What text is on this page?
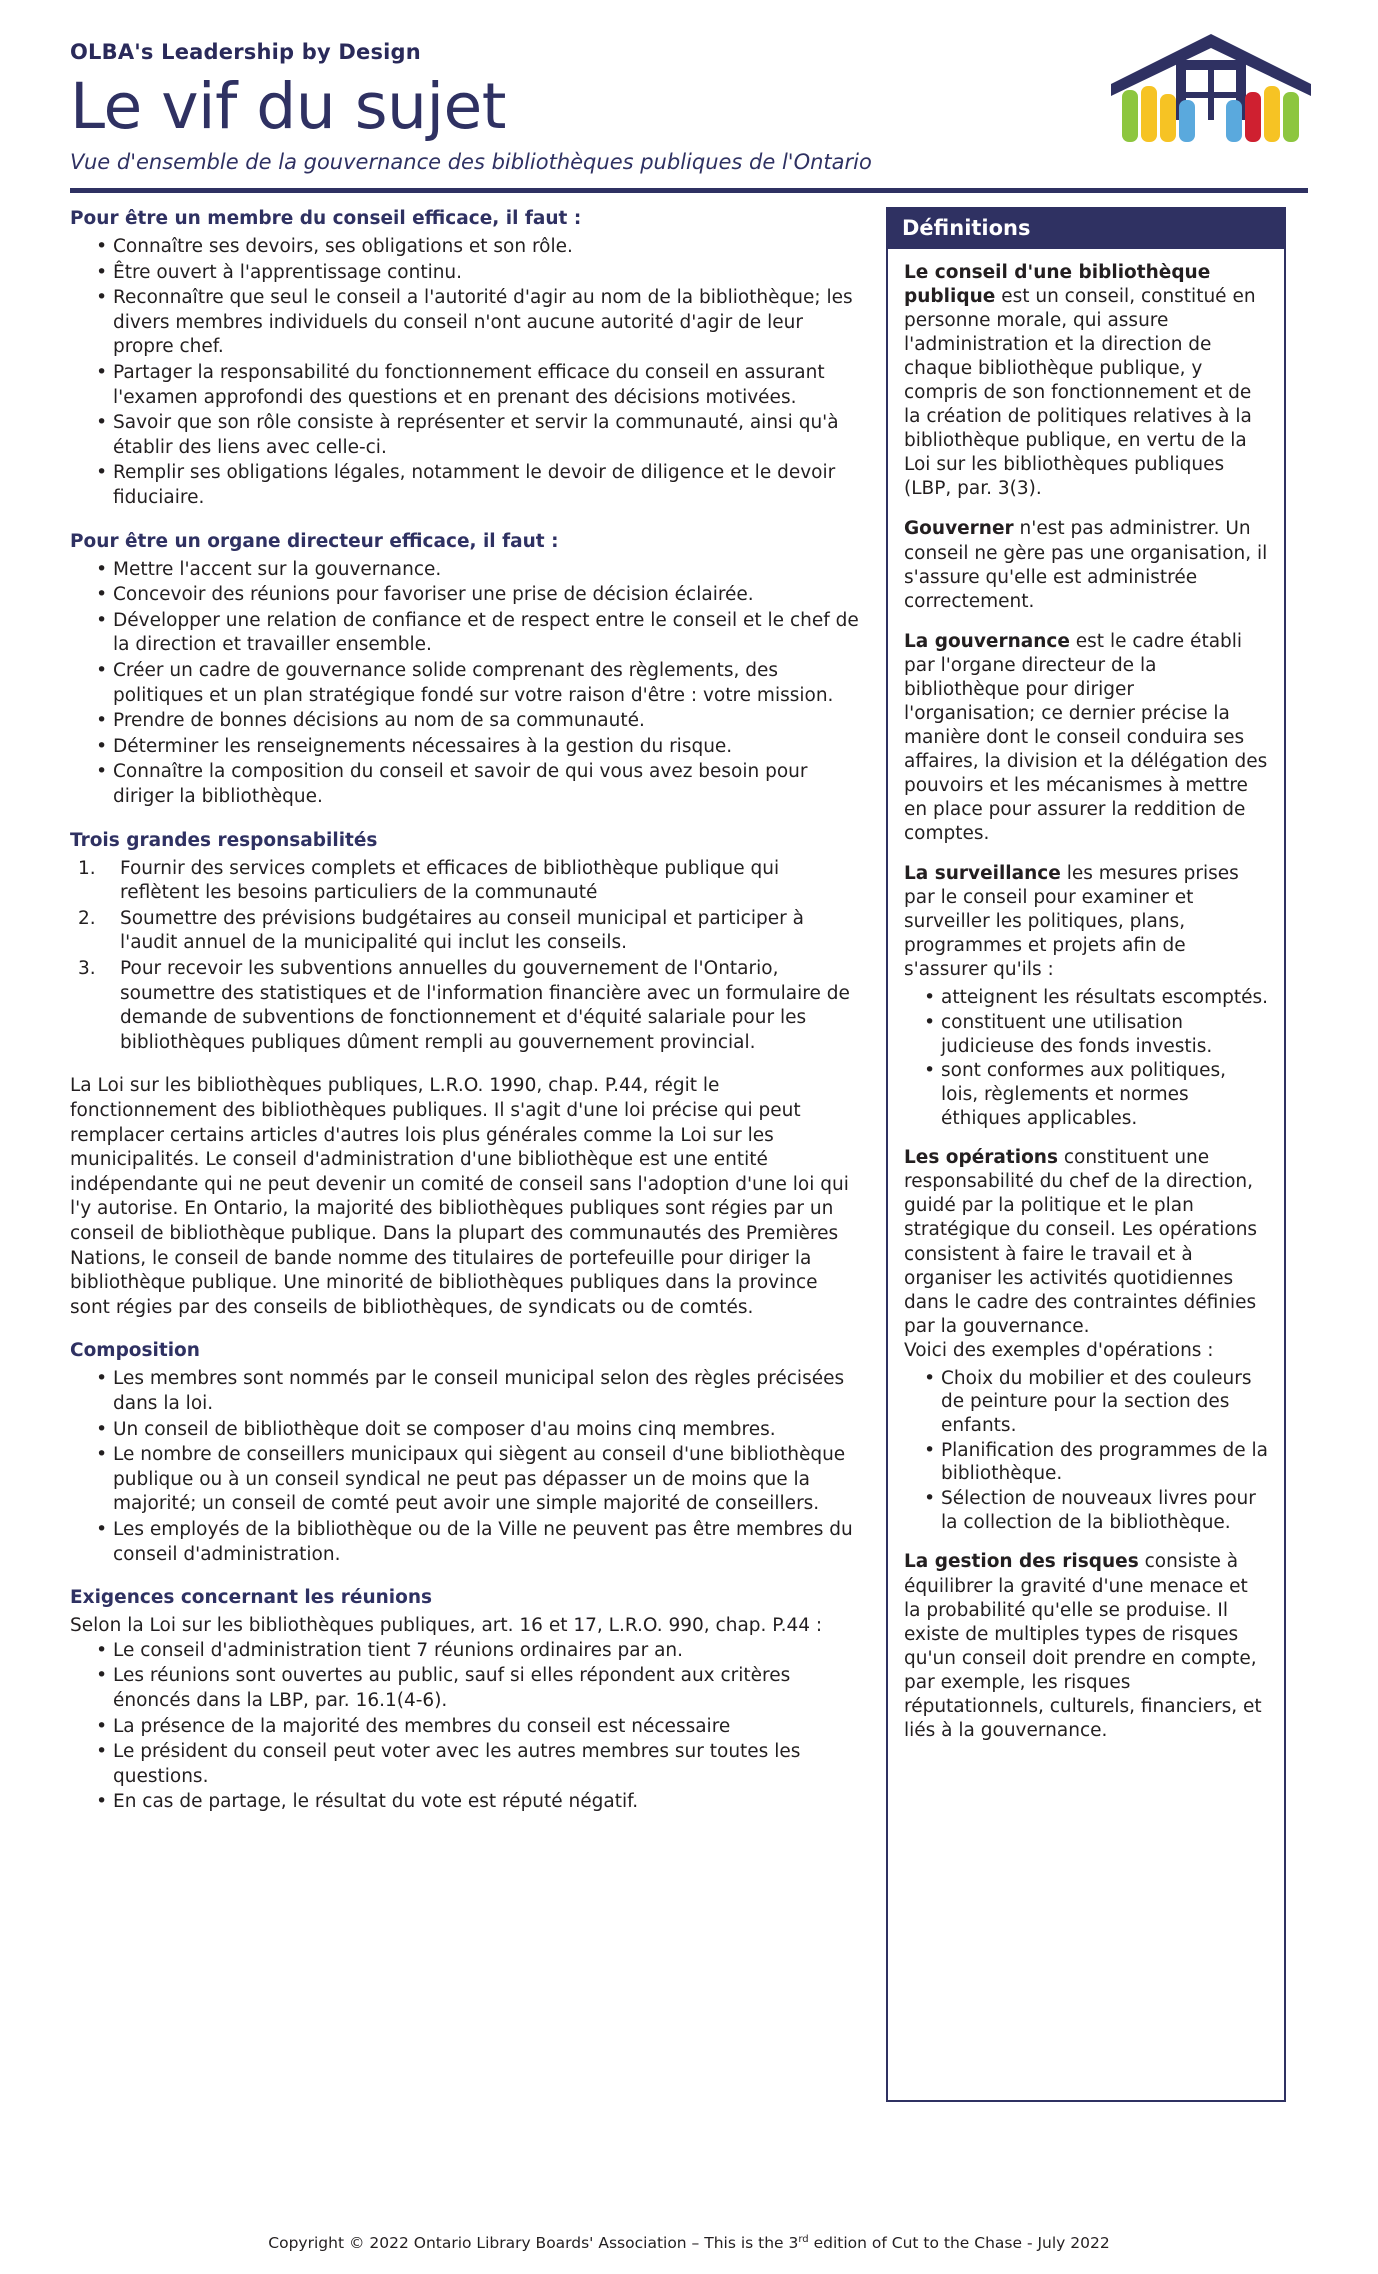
OLBA's Leadership by Design
Le vif du sujet
Vue d'ensemble de la gouvernance des bibliothèques publiques de l'Ontario
Pour être un membre du conseil efficace, il faut :
• Connaître ses devoirs, ses obligations et son rôle.
• Être ouvert à l'apprentissage continu.
• Reconnaître que seul le conseil a l'autorité d'agir au nom de la bibliothèque; les divers membres individuels du conseil n'ont aucune autorité d'agir de leur propre chef.
• Partager la responsabilité du fonctionnement efficace du conseil en assurant l'examen approfondi des questions et en prenant des décisions motivées.
• Savoir que son rôle consiste à représenter et servir la communauté, ainsi qu'à établir des liens avec celle-ci.
• Remplir ses obligations légales, notamment le devoir de diligence et le devoir fiduciaire.
Pour être un organe directeur efficace, il faut :
• Mettre l'accent sur la gouvernance.
• Concevoir des réunions pour favoriser une prise de décision éclairée.
• Développer une relation de confiance et de respect entre le conseil et le chef de la direction et travailler ensemble.
• Créer un cadre de gouvernance solide comprenant des règlements, des politiques et un plan stratégique fondé sur votre raison d'être : votre mission.
• Prendre de bonnes décisions au nom de sa communauté.
• Déterminer les renseignements nécessaires à la gestion du risque.
• Connaître la composition du conseil et savoir de qui vous avez besoin pour diriger la bibliothèque.
Trois grandes responsabilités
Fournir des services complets et efficaces de bibliothèque publique qui reflètent les besoins particuliers de la communauté
Soumettre des prévisions budgétaires au conseil municipal et participer à l'audit annuel de la municipalité qui inclut les conseils.
Pour recevoir les subventions annuelles du gouvernement de l'Ontario, soumettre des statistiques et de l'information financière avec un formulaire de demande de subventions de fonctionnement et d'équité salariale pour les bibliothèques publiques dûment rempli au gouvernement provincial.

La Loi sur les bibliothèques publiques, L.R.O. 1990, chap. P.44, régit le fonctionnement des bibliothèques publiques. Il s'agit d'une loi précise qui peut remplacer certains articles d'autres lois plus générales comme la Loi sur les municipalités. Le conseil d'administration d'une bibliothèque est une entité indépendante qui ne peut devenir un comité de conseil sans l'adoption d'une loi qui l'y autorise. En Ontario, la majorité des bibliothèques publiques sont régies par un conseil de bibliothèque publique. Dans la plupart des communautés des Premières Nations, le conseil de bande nomme des titulaires de portefeuille pour diriger la bibliothèque publique. Une minorité de bibliothèques publiques dans la province sont régies par des conseils de bibliothèques, de syndicats ou de comtés.

Composition
• Les membres sont nommés par le conseil municipal selon des règles précisées dans la loi.
• Un conseil de bibliothèque doit se composer d'au moins cinq membres.
• Le nombre de conseillers municipaux qui siègent au conseil d'une bibliothèque publique ou à un conseil syndical ne peut pas dépasser un de moins que la majorité; un conseil de comté peut avoir une simple majorité de conseillers.
• Les employés de la bibliothèque ou de la Ville ne peuvent pas être membres du conseil d'administration.
Exigences concernant les réunions

Selon la Loi sur les bibliothèques publiques, art. 16 et 17, L.R.O. 990, chap. P.44 :

• Le conseil d'administration tient 7 réunions ordinaires par an.
• Les réunions sont ouvertes au public, sauf si elles répondent aux critères énoncés dans la LBP, par. 16.1(4-6).
• La présence de la majorité des membres du conseil est nécessaire
• Le président du conseil peut voter avec les autres membres sur toutes les questions.
• En cas de partage, le résultat du vote est réputé négatif.
Définitions

Le conseil d'une bibliothèque publique est un conseil, constitué en personne morale, qui assure l'administration et la direction de chaque bibliothèque publique, y compris de son fonctionnement et de la création de politiques relatives à la bibliothèque publique, en vertu de la Loi sur les bibliothèques publiques (LBP, par. 3(3).

Gouverner n'est pas administrer. Un conseil ne gère pas une organisation, il s'assure qu'elle est administrée correctement.

La gouvernance est le cadre établi par l'organe directeur de la bibliothèque pour diriger l'organisation; ce dernier précise la manière dont le conseil conduira ses affaires, la division et la délégation des pouvoirs et les mécanismes à mettre en place pour assurer la reddition de comptes.

La surveillance les mesures prises par le conseil pour examiner et surveiller les politiques, plans, programmes et projets afin de s'assurer qu'ils :

• atteignent les résultats escomptés.
• constituent une utilisation judicieuse des fonds investis.
• sont conformes aux politiques, lois, règlements et normes éthiques applicables.

Les opérations constituent une responsabilité du chef de la direction, guidé par la politique et le plan stratégique du conseil. Les opérations consistent à faire le travail et à organiser les activités quotidiennes dans le cadre des contraintes définies par la gouvernance.

Voici des exemples d'opérations :

• Choix du mobilier et des couleurs de peinture pour la section des enfants.
• Planification des programmes de la bibliothèque.
• Sélection de nouveaux livres pour la collection de la bibliothèque.

La gestion des risques consiste à équilibrer la gravité d'une menace et la probabilité qu'elle se produise. Il existe de multiples types de risques qu'un conseil doit prendre en compte, par exemple, les risques réputationnels, culturels, financiers, et liés à la gouvernance.

Copyright © 2022 Ontario Library Boards' Association – This is the 3rd edition of Cut to the Chase - July 2022
